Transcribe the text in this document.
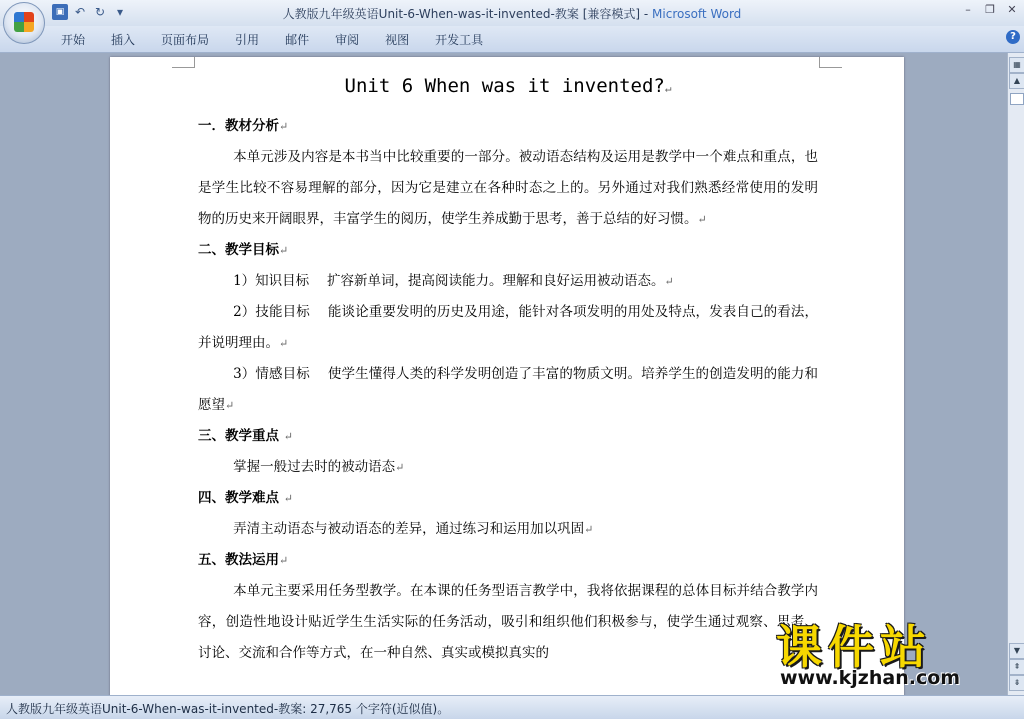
▣ ↶ ↻ ▾	人教版九年级英语Unit-6-When-was-it-invented-教案 [兼容模式] - Microsoft Word	–	❐	✕
开始	插入	页面布局	引用	邮件	审阅	视图	开发工具	?
Unit 6 When was it invented?↵
一．教材分析↵
本单元涉及内容是本书当中比较重要的一部分。被动语态结构及运用是教学中一个难点和重点，也是学生比较不容易理解的部分，因为它是建立在各种时态之上的。另外通过对我们熟悉经常使用的发明物的历史来开阔眼界，丰富学生的阅历，使学生养成勤于思考，善于总结的好习惯。↵
二、教学目标↵
1）知识目标　 扩容新单词，提高阅读能力。理解和良好运用被动语态。↵
2）技能目标　 能谈论重要发明的历史及用途，能针对各项发明的用处及特点，发表自己的看法，并说明理由。↵
3）情感目标　 使学生懂得人类的科学发明创造了丰富的物质文明。培养学生的创造发明的能力和愿望↵
三、教学重点 ↵
掌握一般过去时的被动语态↵
四、教学难点 ↵
弄清主动语态与被动语态的差异，通过练习和运用加以巩固↵
五、教法运用↵
本单元主要采用任务型教学。在本课的任务型语言教学中，我将依据课程的总体目标并结合教学内容，创造性地设计贴近学生生活实际的任务活动，吸引和组织他们积极参与，使学生通过观察、思考、讨论、交流和合作等方式，在一种自然、真实或模拟真实的
▦
▲
▼
⇞
⇟
人教版九年级英语Unit-6-When-was-it-invented-教案: 27,765 个字符(近似值)。
课件站
www.kjzhan.com
